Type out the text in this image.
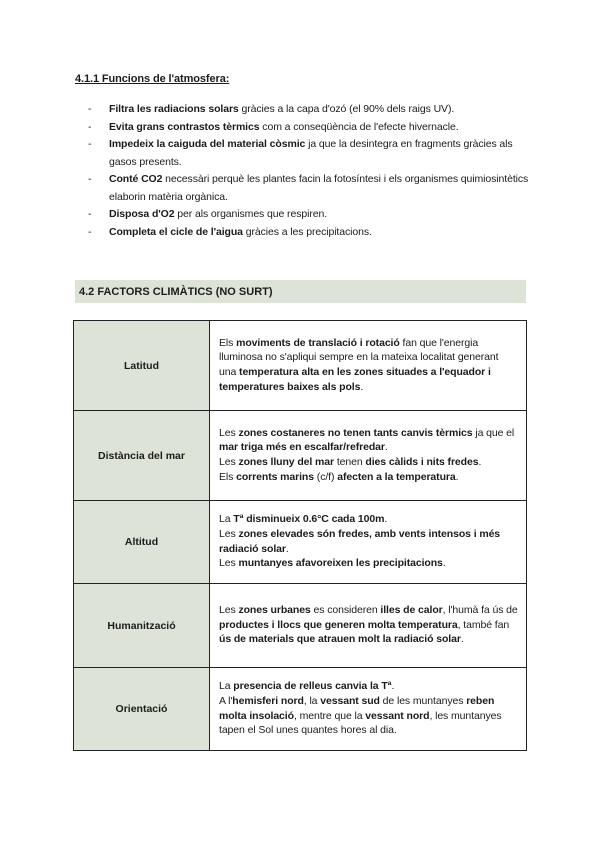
4.1.1 Funcions de l'atmosfera:
- Filtra les radiacions solars gràcies a la capa d'ozó (el 90% dels raigs UV).
- Evita grans contrastos tèrmics com a conseqüència de l'efecte hivernacle.
- Impedeix la caiguda del material còsmic ja que la desintegra en fragments gràcies als gasos presents.
- Conté CO2 necessàri perquè les plantes facin la fotosíntesi i els organismes quimiosintètics elaborin matèria orgànica.
- Disposa d'O2 per als organismes que respiren.
- Completa el cicle de l'aigua gràcies a les precipitacions.
4.2 FACTORS CLIMÀTICS (NO SURT)
Latitud	Els moviments de translació i rotació fan que l'energia lluminosa no s'apliqui sempre en la mateixa localitat generant una temperatura alta en les zones situades a l'equador i temperatures baixes als pols.
Distància del mar	Les zones costaneres no tenen tants canvis tèrmics ja que el mar triga més en escalfar/refredar.
Les zones lluny del mar tenen dies càlids i nits fredes.
Els corrents marins (c/f) afecten a la temperatura.
Altitud	La Tª disminueix 0.6°C cada 100m.
Les zones elevades són fredes, amb vents intensos i més radiació solar.
Les muntanyes afavoreixen les precipitacions.
Humanització	Les zones urbanes es consideren illes de calor, l'humà fa ús de productes i llocs que generen molta temperatura, també fan ús de materials que atrauen molt la radiació solar.
Orientació	La presencia de relleus canvia la Tª.
A l'hemisferi nord, la vessant sud de les muntanyes reben molta insolació, mentre que la vessant nord, les muntanyes tapen el Sol unes quantes hores al dia.
